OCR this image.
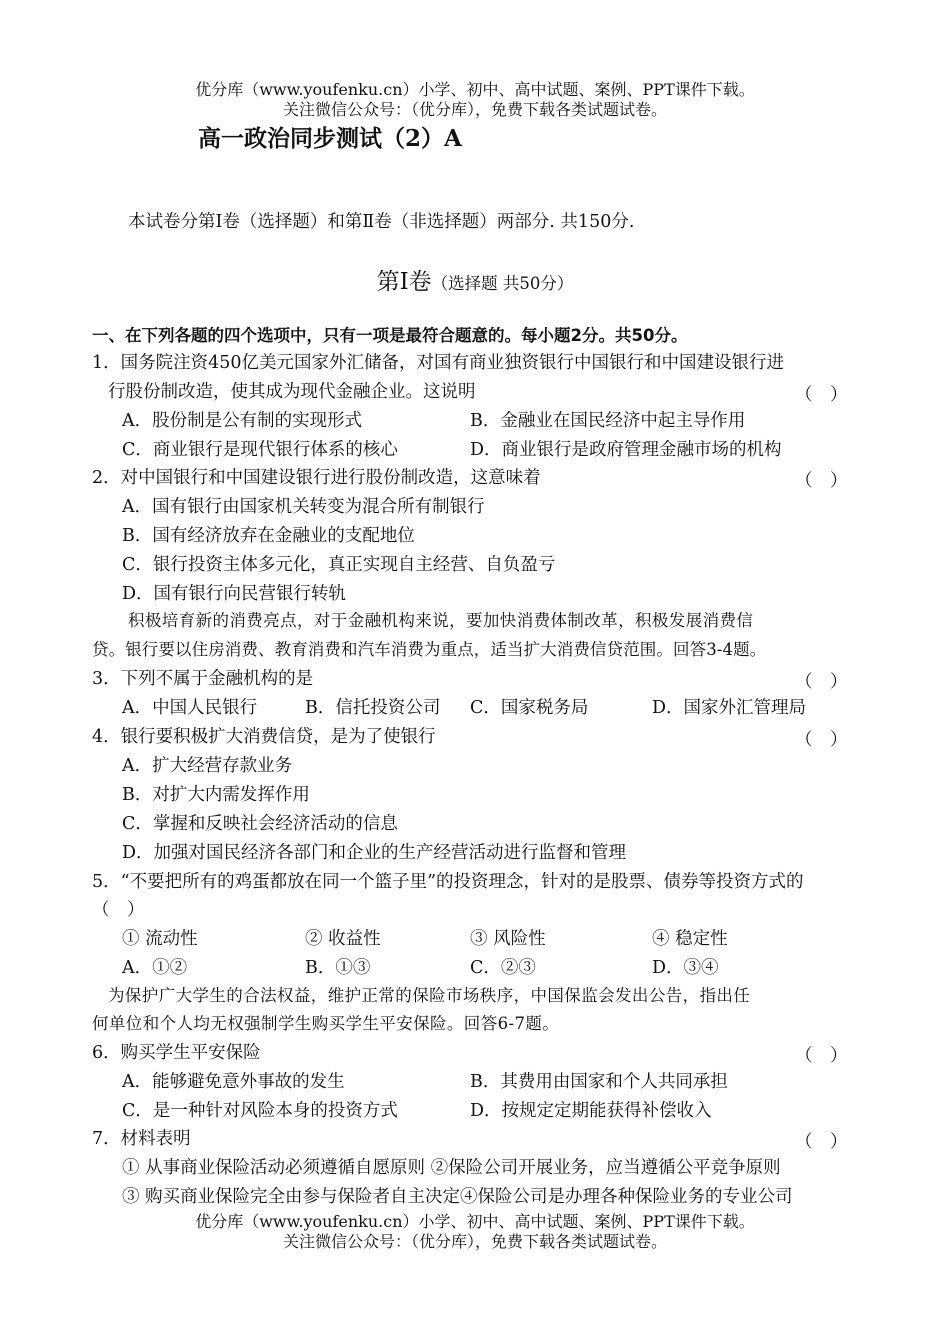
优分库（www.youfenku.cn）小学、初中、高中试题、案例、PPT课件下载。
关注微信公众号：（优分库），免费下载各类试题试卷。
高一政治同步测试（2）A
本试卷分第Ⅰ卷（选择题）和第Ⅱ卷（非选择题）两部分. 共150分.
第Ⅰ卷（选择题 共50分）
一、在下列各题的四个选项中，只有一项是最符合题意的。每小题2分。共50分。
1．国务院注资450亿美元国家外汇储备，对国有商业独资银行中国银行和中国建设银行进
行股份制改造，使其成为现代金融企业。这说明	（　）
A．股份制是公有制的实现形式	B．金融业在国民经济中起主导作用
C．商业银行是现代银行体系的核心	D．商业银行是政府管理金融市场的机构
2．对中国银行和中国建设银行进行股份制改造，这意味着	（　）
A．国有银行由国家机关转变为混合所有制银行
B．国有经济放弃在金融业的支配地位
C．银行投资主体多元化，真正实现自主经营、自负盈亏
D．国有银行向民营银行转轨
积极培育新的消费亮点，对于金融机构来说，要加快消费体制改革，积极发展消费信
贷。银行要以住房消费、教育消费和汽车消费为重点，适当扩大消费信贷范围。回答3-4题。
3．下列不属于金融机构的是	（　）
A．中国人民银行	B．信托投资公司 C．国家税务局	D．国家外汇管理局
4．银行要积极扩大消费信贷，是为了使银行	（　）
A．扩大经营存款业务
B．对扩大内需发挥作用
C．掌握和反映社会经济活动的信息
D．加强对国民经济各部门和企业的生产经营活动进行监督和管理
5．“不要把所有的鸡蛋都放在同一个篮子里”的投资理念，针对的是股票、债券等投资方式的
（　）
① 流动性	② 收益性	③ 风险性	④ 稳定性
A．①②	B．①③	C．②③	D．③④
为保护广大学生的合法权益，维护正常的保险市场秩序，中国保监会发出公告，指出任
何单位和个人均无权强制学生购买学生平安保险。回答6-7题。
6．购买学生平安保险	（　）
A．能够避免意外事故的发生	B．其费用由国家和个人共同承担
C．是一种针对风险本身的投资方式	D．按规定定期能获得补偿收入
7．材料表明	（　）
① 从事商业保险活动必须遵循自愿原则 ②保险公司开展业务，应当遵循公平竞争原则
③ 购买商业保险完全由参与保险者自主决定④保险公司是办理各种保险业务的专业公司
优分库（www.youfenku.cn）小学、初中、高中试题、案例、PPT课件下载。
关注微信公众号：（优分库），免费下载各类试题试卷。
